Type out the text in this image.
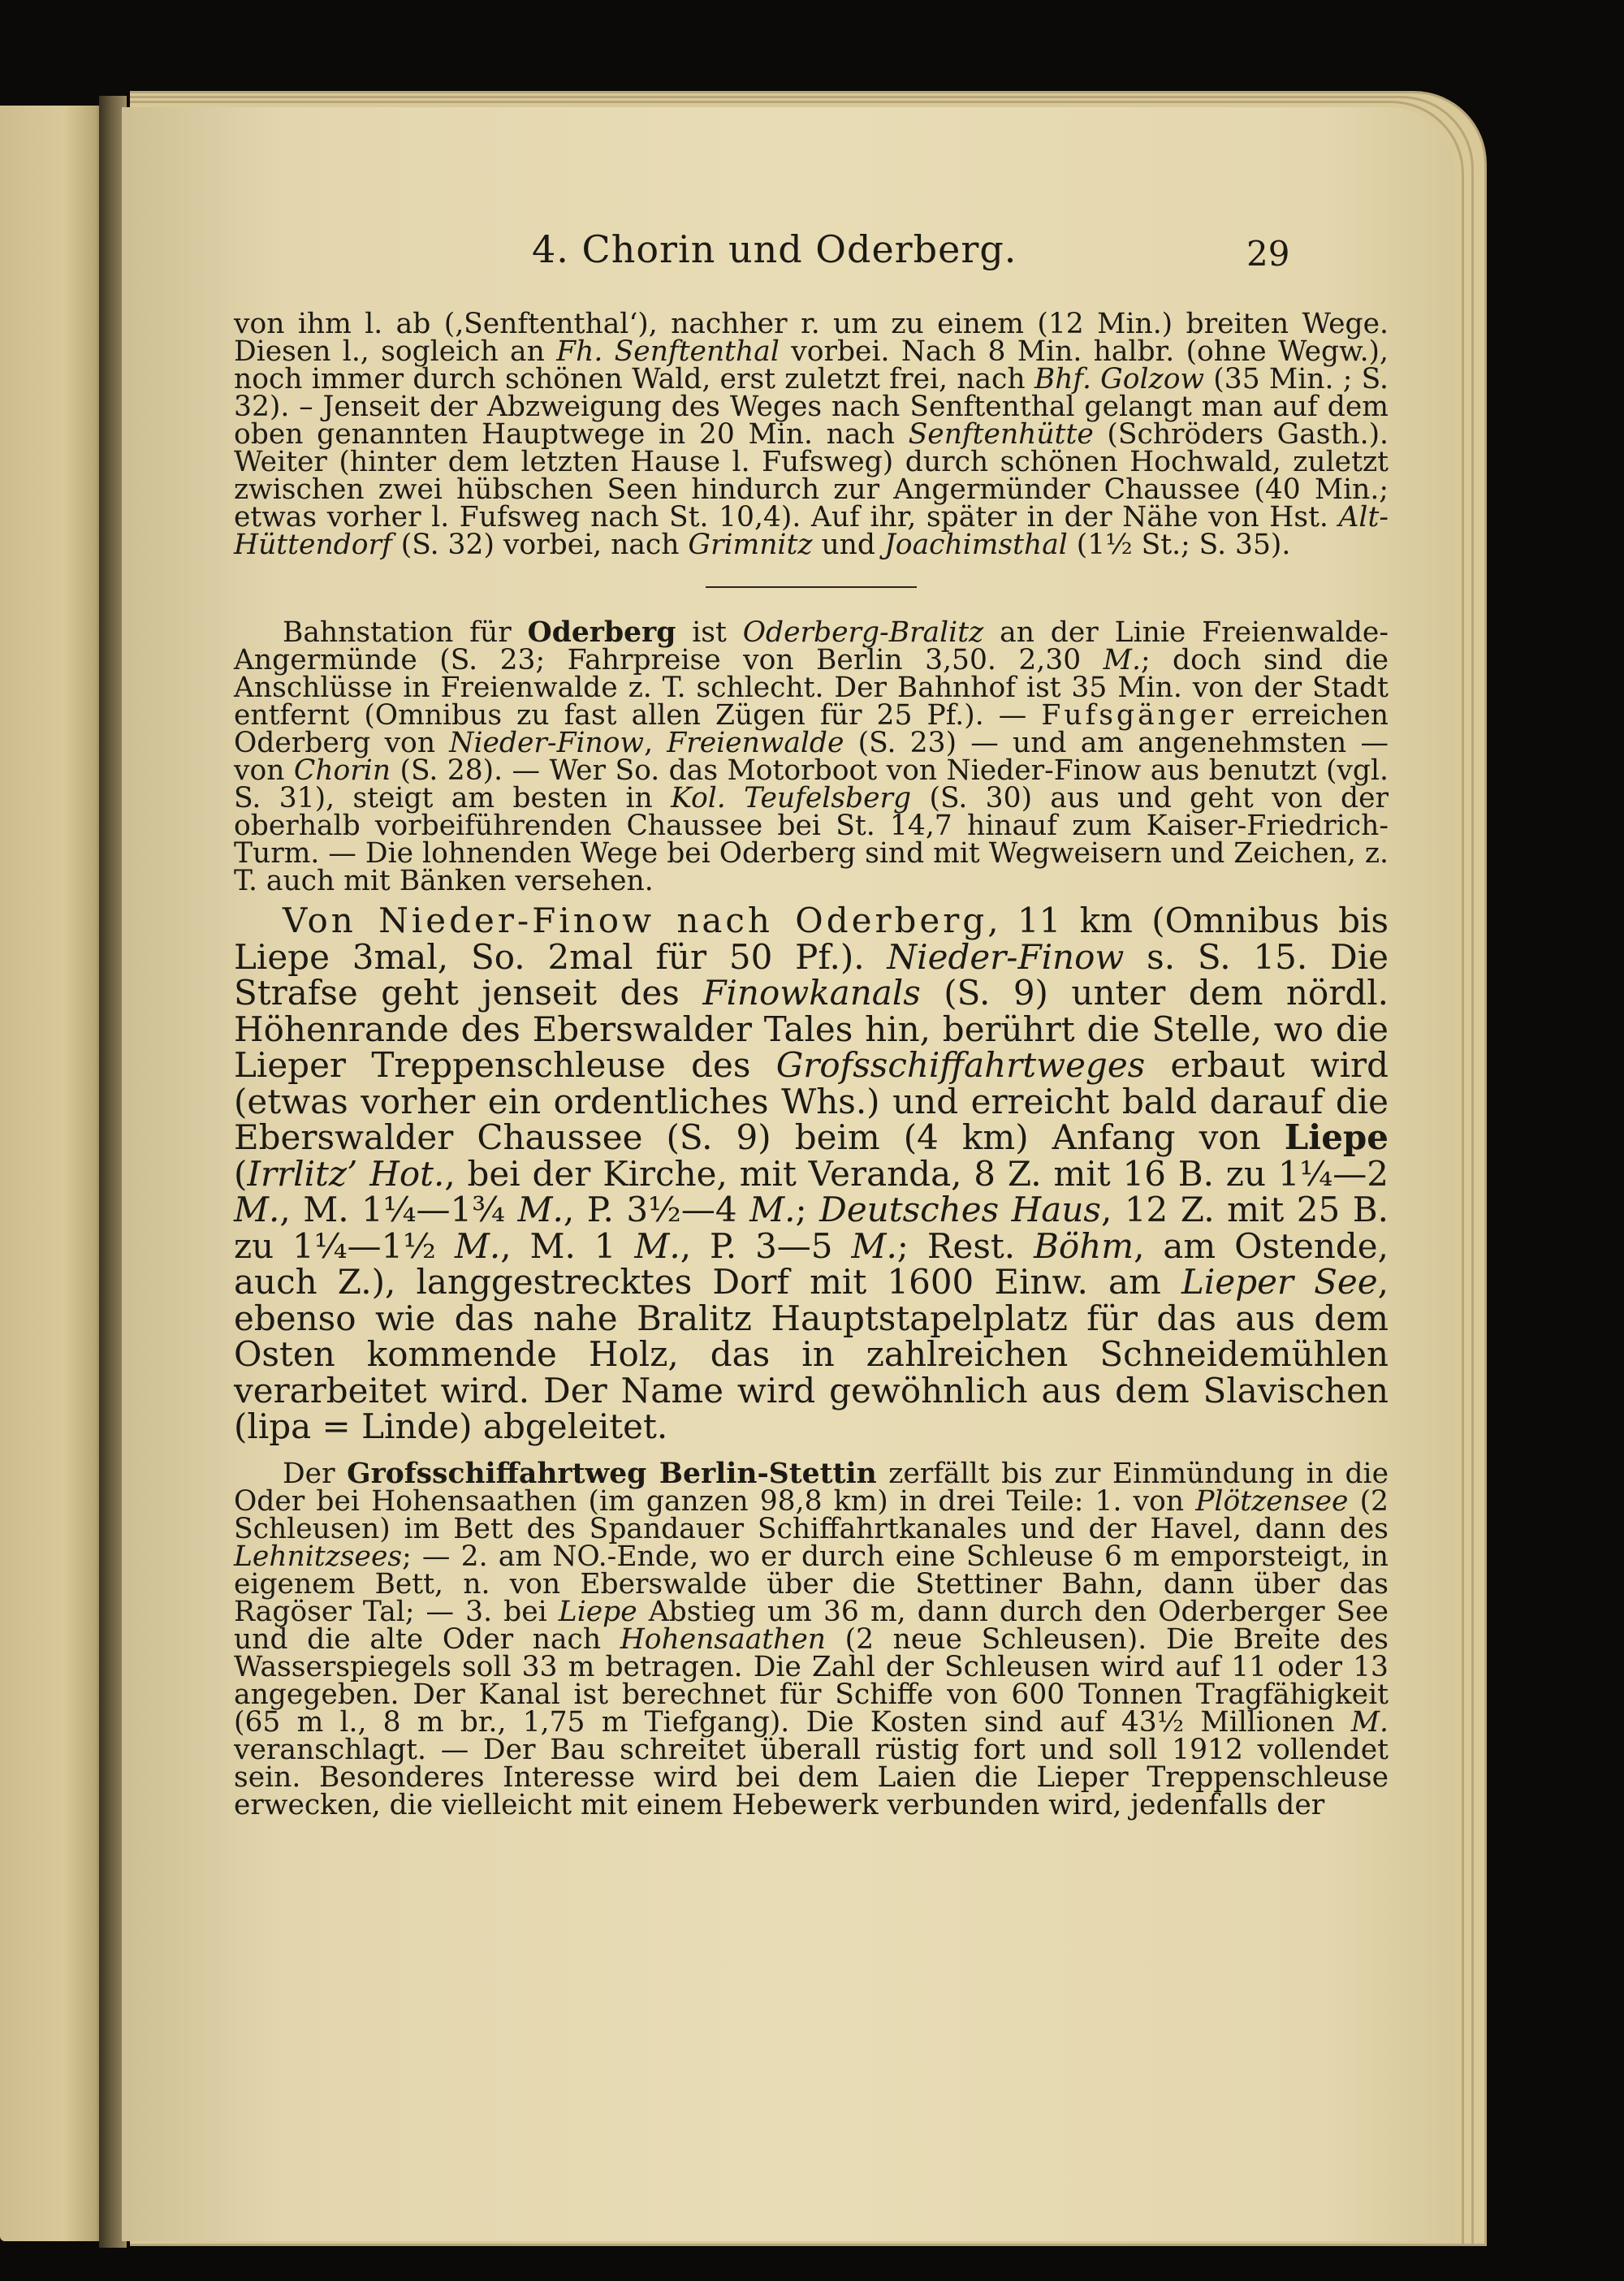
4. Chorin und Oderberg.	29

von ihm l. ab (‚Senftenthal‘), nachher r. um zu einem (12 Min.) breiten Wege. Diesen l., sogleich an Fh. Senftenthal vorbei. Nach 8 Min. halbr. (ohne Wegw.), noch immer durch schönen Wald, erst zuletzt frei, nach Bhf. Golzow (35 Min. ; S. 32). – Jenseit der Abzweigung des Weges nach Senftenthal gelangt man auf dem oben genannten Hauptwege in 20 Min. nach Senftenhütte (Schröders Gasth.). Weiter (hinter dem letzten Hause l. Fufsweg) durch schönen Hochwald, zuletzt zwischen zwei hübschen Seen hindurch zur Angermünder Chaussee (40 Min.; etwas vorher l. Fufsweg nach St. 10,4). Auf ihr, später in der Nähe von Hst. Alt-Hüttendorf (S. 32) vorbei, nach Grimnitz und Joachimsthal (1½ St.; S. 35).

Bahnstation für Oderberg ist Oderberg-Bralitz an der Linie Freienwalde-Angermünde (S. 23; Fahrpreise von Berlin 3,50. 2,30 M.; doch sind die Anschlüsse in Freienwalde z. T. schlecht. Der Bahnhof ist 35 Min. von der Stadt entfernt (Omnibus zu fast allen Zügen für 25 Pf.). — Fufsgänger erreichen Oderberg von Nieder-Finow, Freienwalde (S. 23) — und am angenehmsten — von Chorin (S. 28). — Wer So. das Motorboot von Nieder-Finow aus benutzt (vgl. S. 31), steigt am besten in Kol. Teufelsberg (S. 30) aus und geht von der oberhalb vorbeiführenden Chaussee bei St. 14,7 hinauf zum Kaiser-Friedrich-Turm. — Die lohnenden Wege bei Oderberg sind mit Wegweisern und Zeichen, z. T. auch mit Bänken versehen.

Von Nieder-Finow nach Oderberg, 11 km (Omnibus bis Liepe 3mal, So. 2mal für 50 Pf.). Nieder-Finow s. S. 15. Die Strafse geht jenseit des Finowkanals (S. 9) unter dem nördl. Höhenrande des Eberswalder Tales hin, berührt die Stelle, wo die Lieper Treppenschleuse des Grofsschiffahrtweges erbaut wird (etwas vorher ein ordentliches Whs.) und erreicht bald darauf die Eberswalder Chaussee (S. 9) beim (4 km) Anfang von Liepe (Irrlitz’ Hot., bei der Kirche, mit Veranda, 8 Z. mit 16 B. zu 1¼—2 M., M. 1¼—1¾ M., P. 3½—4 M.; Deutsches Haus, 12 Z. mit 25 B. zu 1¼—1½ M., M. 1 M., P. 3—5 M.; Rest. Böhm, am Ostende, auch Z.), langgestrecktes Dorf mit 1600 Einw. am Lieper See, ebenso wie das nahe Bralitz Hauptstapelplatz für das aus dem Osten kommende Holz, das in zahlreichen Schneidemühlen verarbeitet wird. Der Name wird gewöhnlich aus dem Slavischen (lipa = Linde) abgeleitet.

Der Grofsschiffahrtweg Berlin-Stettin zerfällt bis zur Einmündung in die Oder bei Hohensaathen (im ganzen 98,8 km) in drei Teile: 1. von Plötzensee (2 Schleusen) im Bett des Spandauer Schiffahrtkanales und der Havel, dann des Lehnitzsees; — 2. am NO.-Ende, wo er durch eine Schleuse 6 m emporsteigt, in eigenem Bett, n. von Eberswalde über die Stettiner Bahn, dann über das Ragöser Tal; — 3. bei Liepe Abstieg um 36 m, dann durch den Oderberger See und die alte Oder nach Hohensaathen (2 neue Schleusen). Die Breite des Wasserspiegels soll 33 m betragen. Die Zahl der Schleusen wird auf 11 oder 13 angegeben. Der Kanal ist berechnet für Schiffe von 600 Tonnen Tragfähigkeit (65 m l., 8 m br., 1,75 m Tiefgang). Die Kosten sind auf 43½ Millionen M. veranschlagt. — Der Bau schreitet überall rüstig fort und soll 1912 vollendet sein. Besonderes Interesse wird bei dem Laien die Lieper Treppenschleuse erwecken, die vielleicht mit einem Hebewerk verbunden wird, jedenfalls der
